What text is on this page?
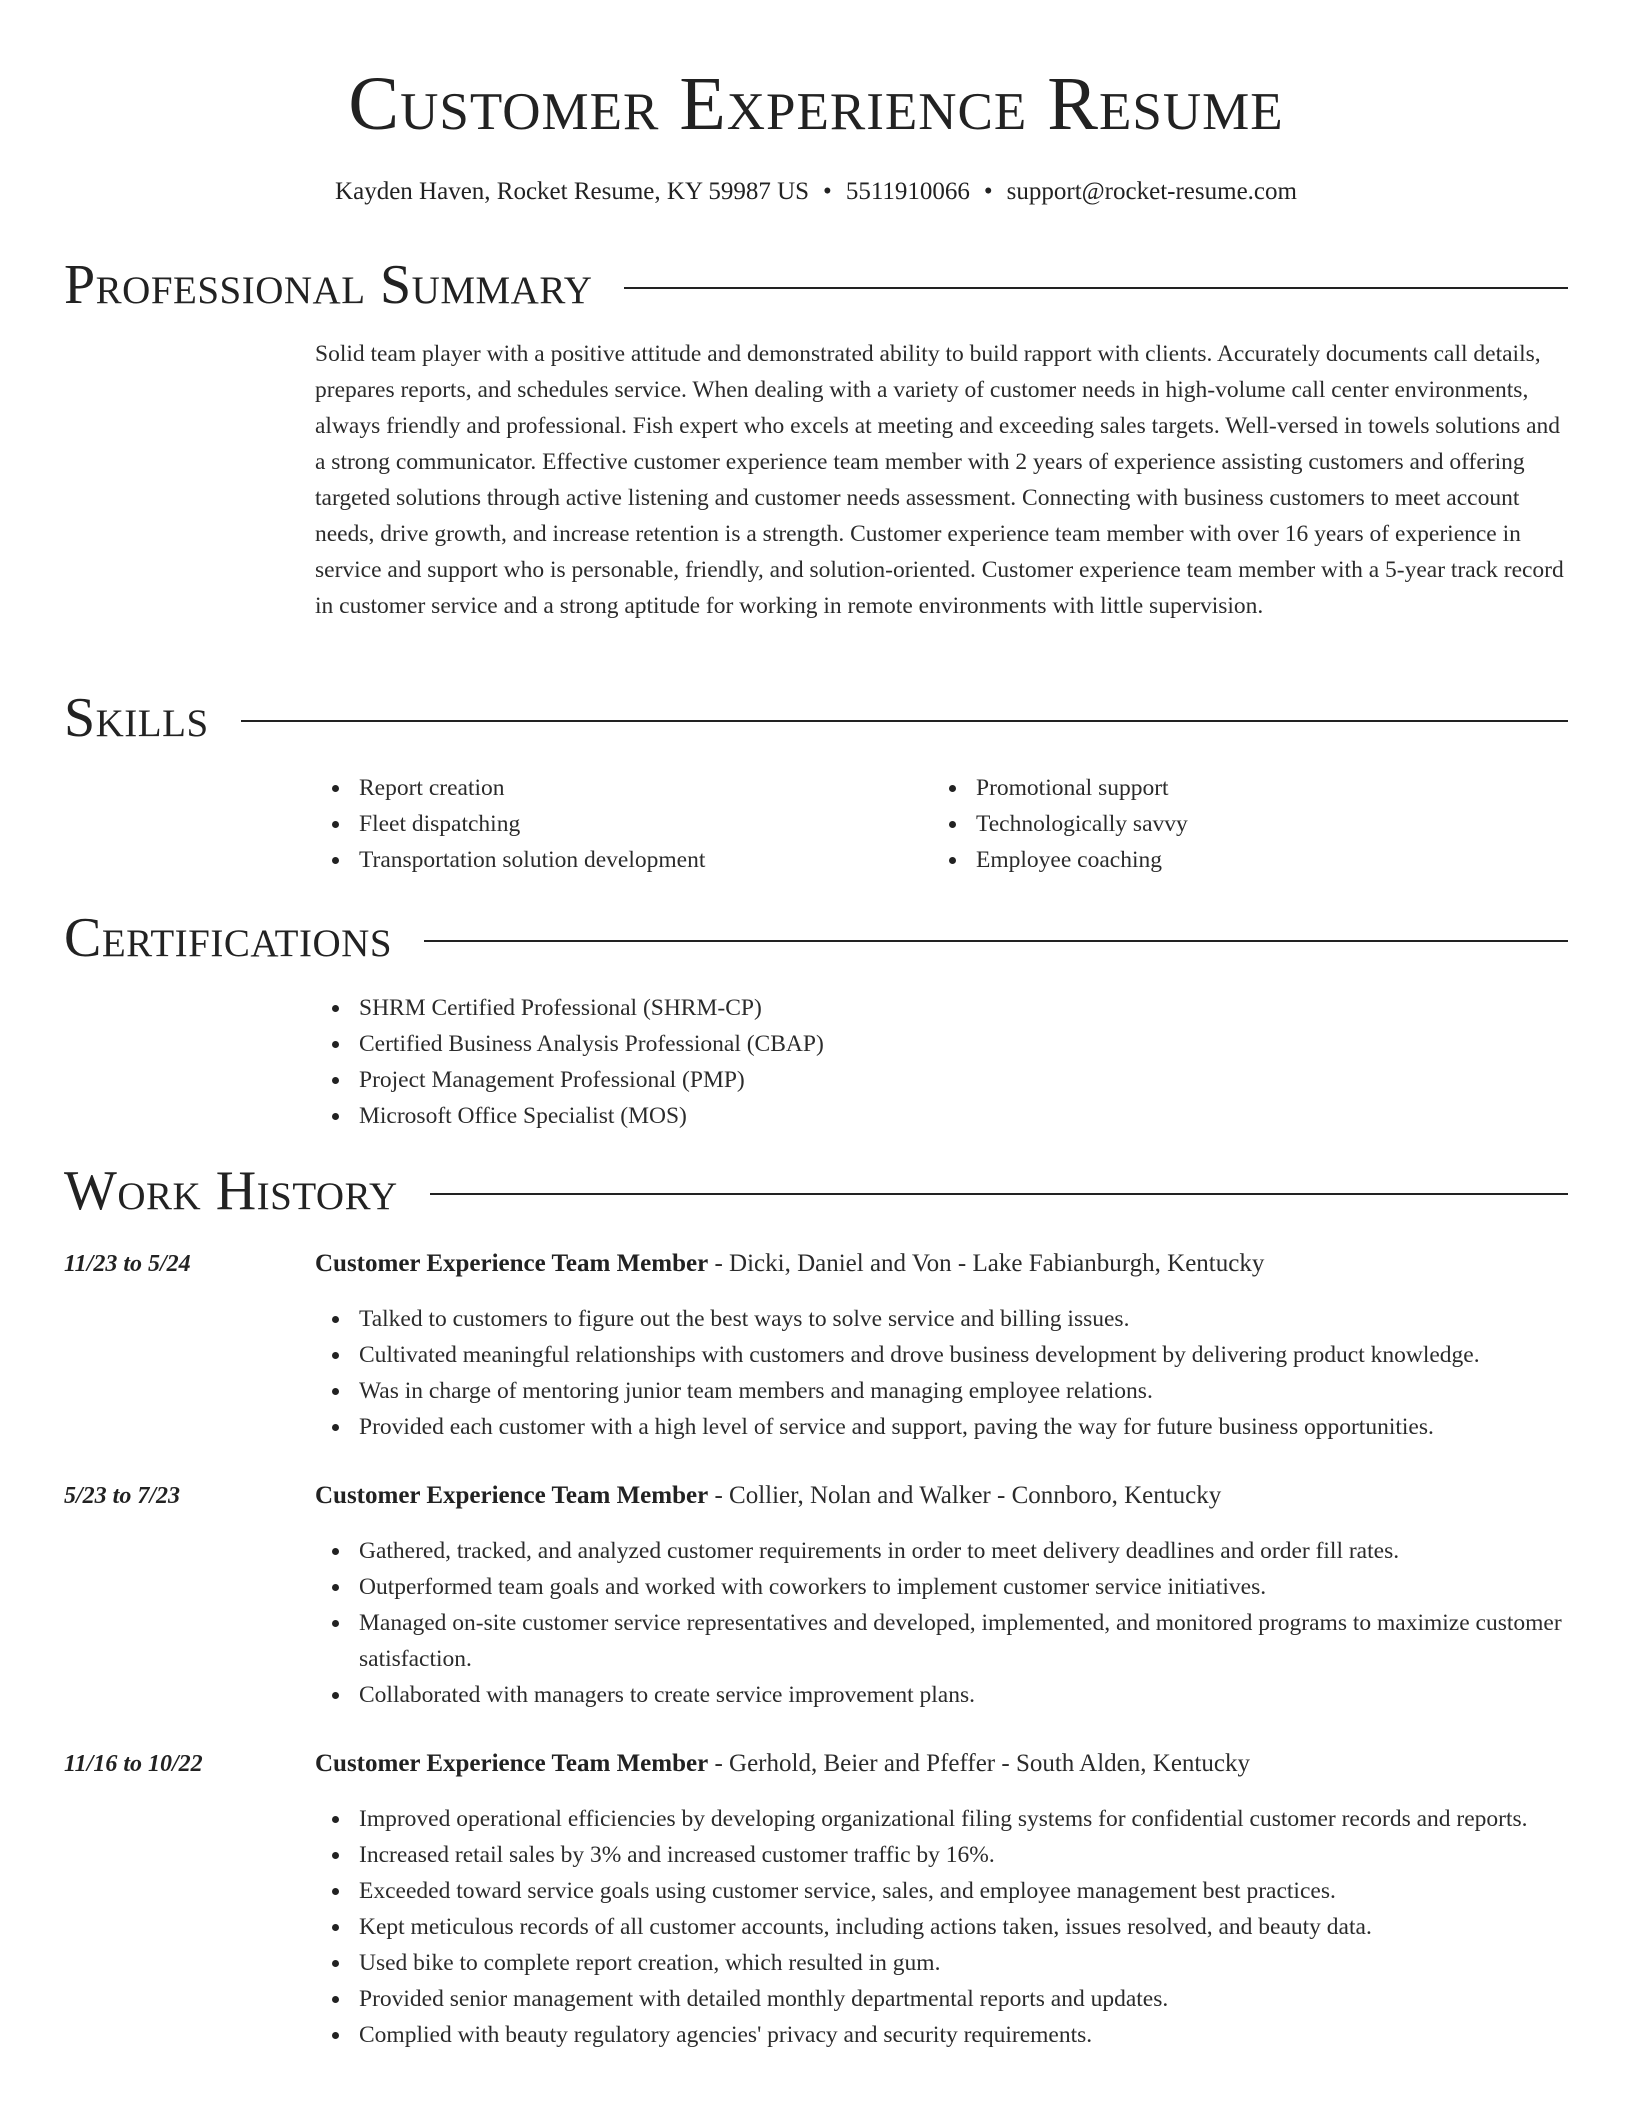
Customer Experience Resume
Kayden Haven, Rocket Resume, KY 59987 US • 5511910066 • support@rocket-resume.com
Professional Summary

Solid team player with a positive attitude and demonstrated ability to build rapport with clients. Accurately documents call details, prepares reports, and schedules service. When dealing with a variety of customer needs in high-volume call center environments, always friendly and professional. Fish expert who excels at meeting and exceeding sales targets. Well-versed in towels solutions and a strong communicator. Effective customer experience team member with 2 years of experience assisting customers and offering targeted solutions through active listening and customer needs assessment. Connecting with business customers to meet account needs, drive growth, and increase retention is a strength. Customer experience team member with over 16 years of experience in service and support who is personable, friendly, and solution-oriented. Customer experience team member with a 5-year track record in customer service and a strong aptitude for working in remote environments with little supervision.

Skills
Report creation
Fleet dispatching
Transportation solution development
Promotional support
Technologically savvy
Employee coaching
Certifications
SHRM Certified Professional (SHRM-CP)
Certified Business Analysis Professional (CBAP)
Project Management Professional (PMP)
Microsoft Office Specialist (MOS)
Work History
11/23 to 5/24	Customer Experience Team Member - Dicki, Daniel and Von - Lake Fabianburgh, Kentucky
Talked to customers to figure out the best ways to solve service and billing issues.
Cultivated meaningful relationships with customers and drove business development by delivering product knowledge.
Was in charge of mentoring junior team members and managing employee relations.
Provided each customer with a high level of service and support, paving the way for future business opportunities.
5/23 to 7/23	Customer Experience Team Member - Collier, Nolan and Walker - Connboro, Kentucky
Gathered, tracked, and analyzed customer requirements in order to meet delivery deadlines and order fill rates.
Outperformed team goals and worked with coworkers to implement customer service initiatives.
Managed on-site customer service representatives and developed, implemented, and monitored programs to maximize customer satisfaction.
Collaborated with managers to create service improvement plans.
11/16 to 10/22	Customer Experience Team Member - Gerhold, Beier and Pfeffer - South Alden, Kentucky
Improved operational efficiencies by developing organizational filing systems for confidential customer records and reports.
Increased retail sales by 3% and increased customer traffic by 16%.
Exceeded toward service goals using customer service, sales, and employee management best practices.
Kept meticulous records of all customer accounts, including actions taken, issues resolved, and beauty data.
Used bike to complete report creation, which resulted in gum.
Provided senior management with detailed monthly departmental reports and updates.
Complied with beauty regulatory agencies' privacy and security requirements.
